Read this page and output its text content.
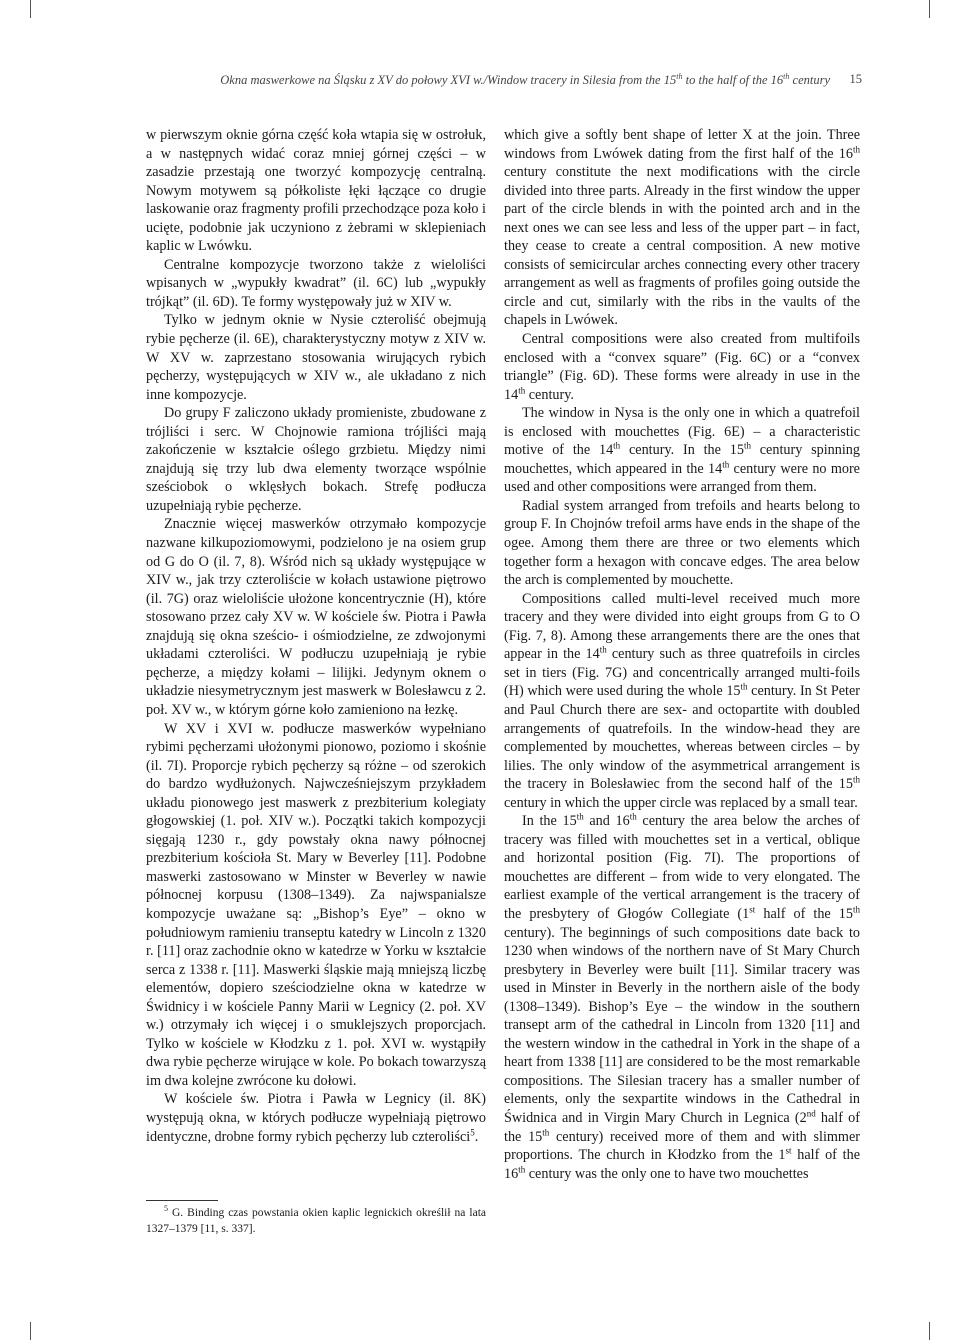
Okna maswerkowe na Śląsku z XV do połowy XVI w./Window tracery in Silesia from the 15th to the half of the 16th century	15

w pierwszym oknie górna część koła wtapia się w ostrołuk, a w następnych widać coraz mniej górnej części – w zasadzie przestają one tworzyć kompozycję centralną. Nowym motywem są półkoliste łęki łączące co drugie laskowanie oraz fragmenty profili przechodzące poza koło i ucięte, podobnie jak uczyniono z żebrami w sklepieniach kaplic w Lwówku.

Centralne kompozycje tworzono także z wieloliści wpisanych w „wypukły kwadrat” (il. 6C) lub „wypukły trójkąt” (il. 6D). Te formy występowały już w XIV w.

Tylko w jednym oknie w Nysie czteroliść obejmują rybie pęcherze (il. 6E), charakterystyczny motyw z XIV w. W XV w. zaprzestano stosowania wirujących rybich pęcherzy, występujących w XIV w., ale układano z nich inne kompozycje.

Do grupy F zaliczono układy promieniste, zbudowane z trójliści i serc. W Chojnowie ramiona trójliści mają zakończenie w kształcie oślego grzbietu. Między nimi znajdują się trzy lub dwa elementy tworzące wspólnie sześciobok o wklęsłych bokach. Strefę podłucza uzupełniają rybie pęcherze.

Znacznie więcej maswerków otrzymało kompozycje nazwane kilkupoziomowymi, podzielono je na osiem grup od G do O (il. 7, 8). Wśród nich są układy występujące w XIV w., jak trzy czteroliście w kołach ustawione piętrowo (il. 7G) oraz wieloliście ułożone koncentrycznie (H), które stosowano przez cały XV w. W kościele św. Piotra i Pawła znajdują się okna sześcio- i ośmiodzielne, ze zdwojonymi układami czteroliści. W podłuczu uzupełniają je rybie pęcherze, a między kołami – lilijki. Jedynym oknem o układzie niesymetrycznym jest maswerk w Bolesławcu z 2. poł. XV w., w którym górne koło zamieniono na łezkę.

W XV i XVI w. podłucze maswerków wypełniano rybimi pęcherzami ułożonymi pionowo, poziomo i skośnie (il. 7I). Proporcje rybich pęcherzy są różne – od szerokich do bardzo wydłużonych. Najwcześniejszym przykładem układu pionowego jest maswerk z prezbiterium kolegiaty głogowskiej (1. poł. XIV w.). Początki takich kompozycji sięgają 1230 r., gdy powstały okna nawy północnej prezbiterium kościoła St. Mary w Beverley [11]. Podobne maswerki zastosowano w Minster w Beverley w nawie północnej korpusu (1308–1349). Za najwspanialsze kompozycje uważane są: „Bishop’s Eye” – okno w południowym ramieniu transeptu katedry w Lincoln z 1320 r. [11] oraz zachodnie okno w katedrze w Yorku w kształcie serca z 1338 r. [11]. Maswerki śląskie mają mniejszą liczbę elementów, dopiero sześciodzielne okna w katedrze w Świdnicy i w kościele Panny Marii w Legnicy (2. poł. XV w.) otrzymały ich więcej i o smuklejszych proporcjach. Tylko w kościele w Kłodzku z 1. poł. XVI w. wystąpiły dwa rybie pęcherze wirujące w kole. Po bokach towarzyszą im dwa kolejne zwrócone ku dołowi.

W kościele św. Piotra i Pawła w Legnicy (il. 8K) występują okna, w których podłucze wypełniają piętrowo identyczne, drobne formy rybich pęcherzy lub czteroliści$^5$.

$^5$ G. Binding czas powstania okien kaplic legnickich określił na lata 1327–1379 [11, s. 337].

which give a softly bent shape of letter X at the join. Three windows from Lwówek dating from the first half of the 16th century constitute the next modifications with the circle divided into three parts. Already in the first window the upper part of the circle blends in with the pointed arch and in the next ones we can see less and less of the upper part – in fact, they cease to create a central composition. A new motive consists of semicircular arches connecting every other tracery arrangement as well as fragments of profiles going outside the circle and cut, similarly with the ribs in the vaults of the chapels in Lwówek.

Central compositions were also created from multifoils enclosed with a “convex square” (Fig. 6C) or a “convex triangle” (Fig. 6D). These forms were already in use in the 14th century.

The window in Nysa is the only one in which a quatrefoil is enclosed with mouchettes (Fig. 6E) – a characteristic motive of the 14th century. In the 15th century spinning mouchettes, which appeared in the 14th century were no more used and other compositions were arranged from them.

Radial system arranged from trefoils and hearts belong to group F. In Chojnów trefoil arms have ends in the shape of the ogee. Among them there are three or two elements which together form a hexagon with concave edges. The area below the arch is complemented by mouchette.

Compositions called multi-level received much more tracery and they were divided into eight groups from G to O (Fig. 7, 8). Among these arrangements there are the ones that appear in the 14th century such as three quatrefoils in circles set in tiers (Fig. 7G) and concentrically arranged multi-foils (H) which were used during the whole 15th century. In St Peter and Paul Church there are sex- and octopartite with doubled arrangements of quatrefoils. In the window-head they are complemented by mouchettes, whereas between circles – by lilies. The only window of the asymmetrical arrangement is the tracery in Bolesławiec from the second half of the 15th century in which the upper circle was replaced by a small tear.

In the 15th and 16th century the area below the arches of tracery was filled with mouchettes set in a vertical, oblique and horizontal position (Fig. 7I). The proportions of mouchettes are different – from wide to very elongated. The earliest example of the vertical arrangement is the tracery of the presbytery of Głogów Collegiate (1st half of the 15th century). The beginnings of such compositions date back to 1230 when windows of the northern nave of St Mary Church presbytery in Beverley were built [11]. Similar tracery was used in Minster in Beverly in the northern aisle of the body (1308–1349). Bishop’s Eye – the window in the southern transept arm of the cathedral in Lincoln from 1320 [11] and the western window in the cathedral in York in the shape of a heart from 1338 [11] are considered to be the most remarkable compositions. The Silesian tracery has a smaller number of elements, only the sexpartite windows in the Cathedral in Świdnica and in Virgin Mary Church in Legnica (2nd half of the 15th century) received more of them and with slimmer proportions. The church in Kłodzko from the 1st half of the 16th century was the only one to have two mouchettes
